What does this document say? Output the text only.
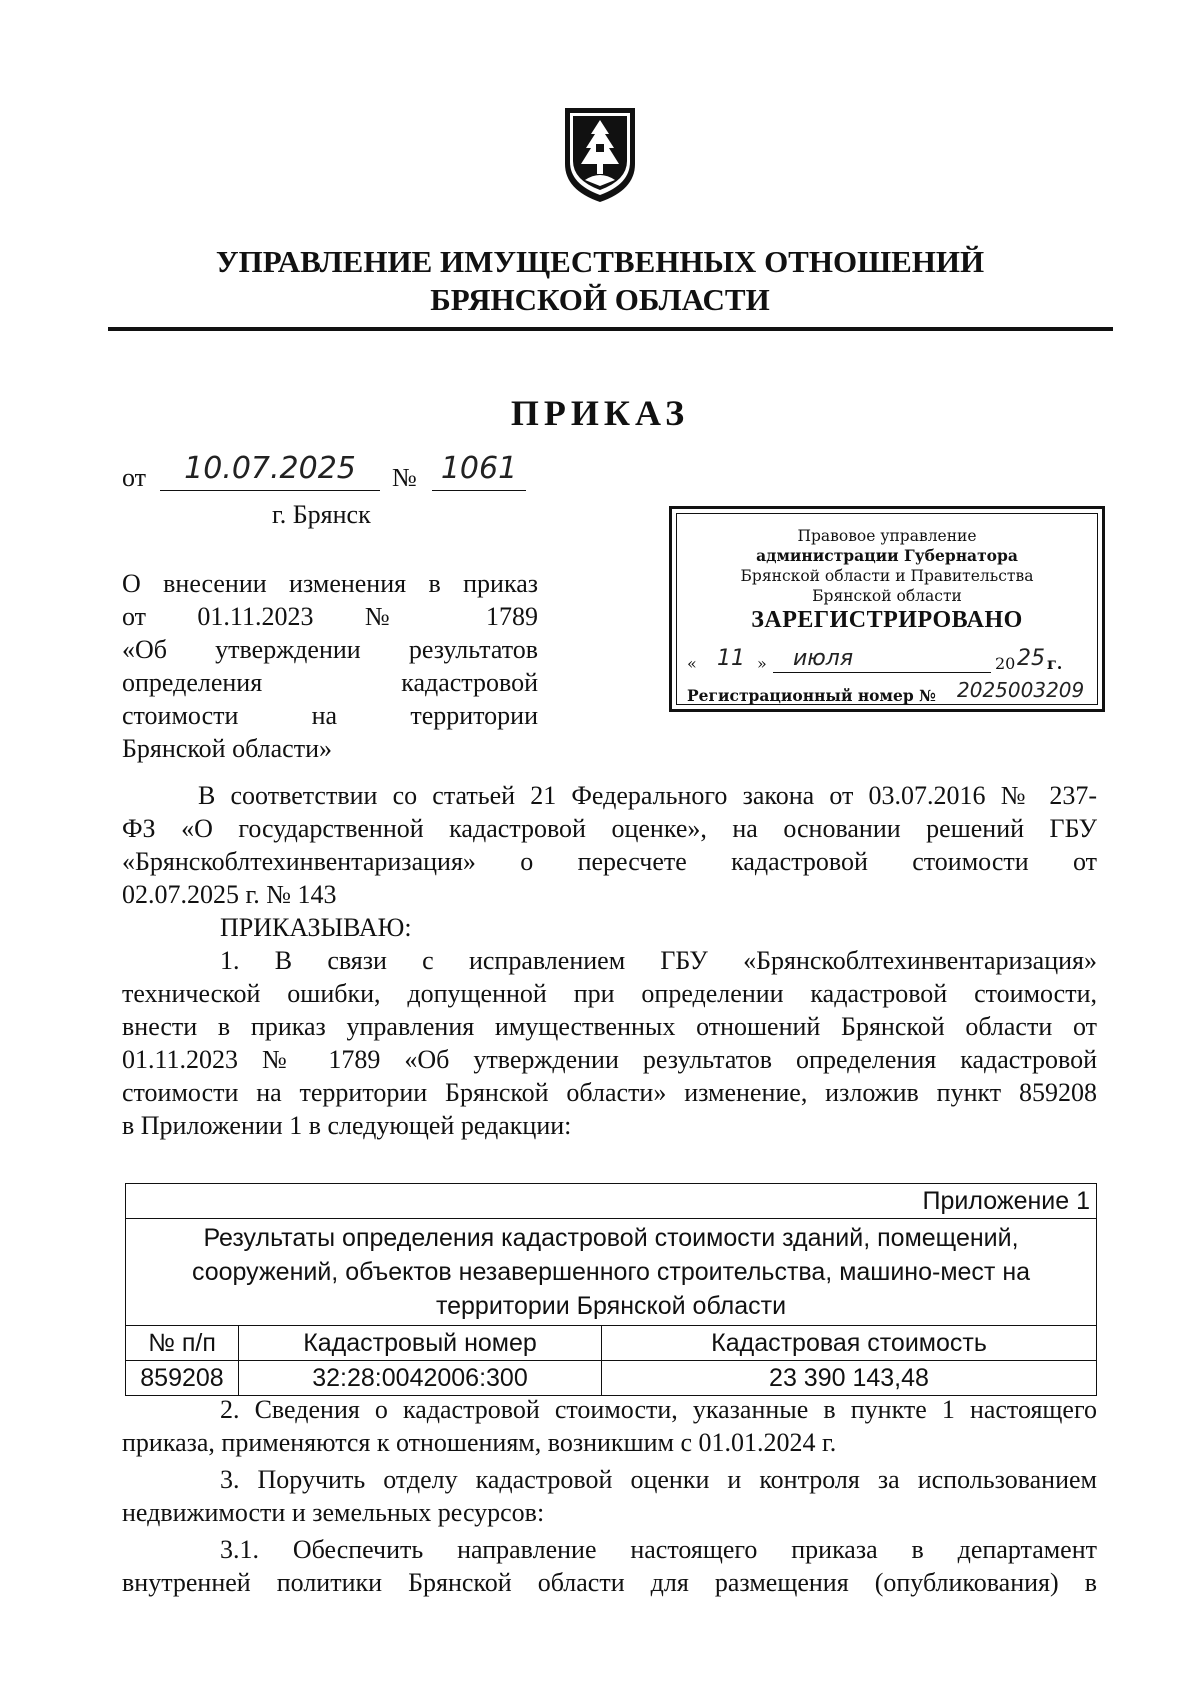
УПРАВЛЕНИЕ ИМУЩЕСТВЕННЫХ ОТНОШЕНИЙ
БРЯНСКОЙ ОБЛАСТИ
ПРИКАЗ
от	10.07.2025	№ 1061
г. Брянск
О внесении изменения в приказ
от 01.11.2023 № 1789
«Об утверждении результатов
определения кадастровой
стоимости на территории
Брянской области»
Правовое управление
администрации Губернатора
Брянской области и Правительства
Брянской области
ЗАРЕГИСТРИРОВАНО
« 11 »	июля	20 25 г.
Регистрационный номер № 2025003209
В соответствии со статьей 21 Федерального закона от 03.07.2016 № 237-
ФЗ «О государственной кадастровой оценке», на основании решений ГБУ
«Брянскоблтехинвентаризация» о пересчете кадастровой стоимости от
02.07.2025 г. № 143
ПРИКАЗЫВАЮ:
1. В связи с исправлением ГБУ «Брянскоблтехинвентаризация»
технической ошибки, допущенной при определении кадастровой стоимости,
внести в приказ управления имущественных отношений Брянской области от
01.11.2023 № 1789 «Об утверждении результатов определения кадастровой
стоимости на территории Брянской области» изменение, изложив пункт 859208
в Приложении 1 в следующей редакции:
Приложение 1		
Результаты определения кадастровой стоимости зданий, помещений,
сооружений, объектов незавершенного строительства, машино-мест на
территории Брянской области		
№ п/п	Кадастровый номер	Кадастровая стоимость
859208	32:28:0042006:300	23 390 143,48
2. Сведения о кадастровой стоимости, указанные в пункте 1 настоящего
приказа, применяются к отношениям, возникшим с 01.01.2024 г.
3. Поручить отделу кадастровой оценки и контроля за использованием
недвижимости и земельных ресурсов:
3.1. Обеспечить направление настоящего приказа в департамент
внутренней политики Брянской области для размещения (опубликования) в
